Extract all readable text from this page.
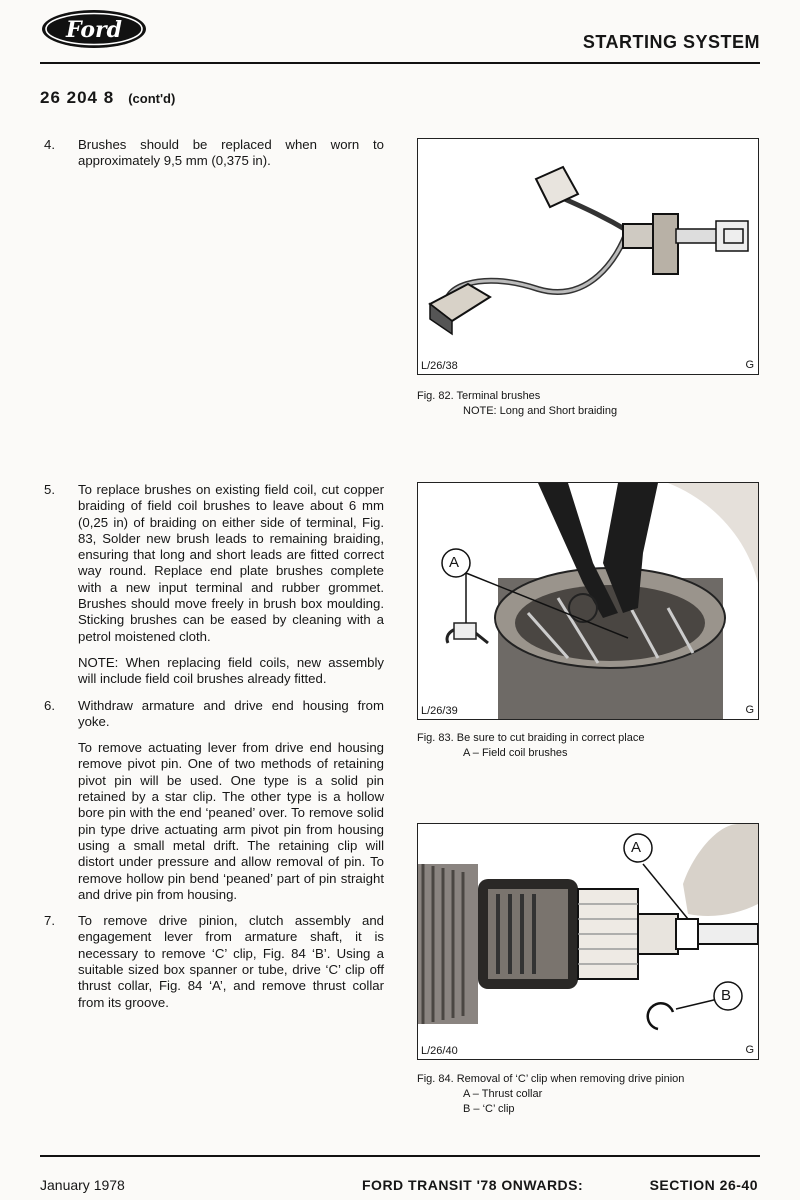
Ford	STARTING SYSTEM
26 204 8 (cont'd)
4.	Brushes should be replaced when worn to approximately 9,5 mm (0,375 in).

5.	To replace brushes on existing field coil, cut copper braiding of field coil brushes to leave about 6 mm (0,25 in) of braiding on either side of terminal, Fig. 83, Solder new brush leads to remaining braiding, ensuring that long and short leads are fitted correct way round. Replace end plate brushes complete with a new input terminal and rubber grommet. Brushes should move freely in brush box moulding. Sticking brushes can be eased by cleaning with a petrol moistened cloth.

NOTE: When replacing field coils, new assembly will include field coil brushes already fitted.

6.	Withdraw armature and drive end housing from yoke.

To remove actuating lever from drive end housing remove pivot pin. One of two methods of retaining pivot pin will be used. One type is a solid pin retained by a star clip. The other type is a hollow bore pin with the end ‘peaned’ over. To remove solid pin type drive actuating arm pivot pin from housing using a small metal drift. The retaining clip will distort under pressure and allow removal of pin. To remove hollow pin bend ‘peaned’ part of pin straight and drive pin from housing.

7.	To remove drive pinion, clutch assembly and engagement lever from armature shaft, it is necessary to remove ‘C’ clip, Fig. 84 ‘B’. Using a suitable sized box spanner or tube, drive ‘C’ clip off thrust collar, Fig. 84 ‘A’, and remove thrust collar from its groove.

L/26/38	G
Fig. 82. Terminal brushes
NOTE: Long and Short braiding
A
L/26/39	G
Fig. 83. Be sure to cut braiding in correct place
A – Field coil brushes
A
B
L/26/40	G
Fig. 84. Removal of ‘C’ clip when removing drive pinion
A – Thrust collar
B – ‘C’ clip
January 1978	FORD TRANSIT '78 ONWARDS:	SECTION 26-40
